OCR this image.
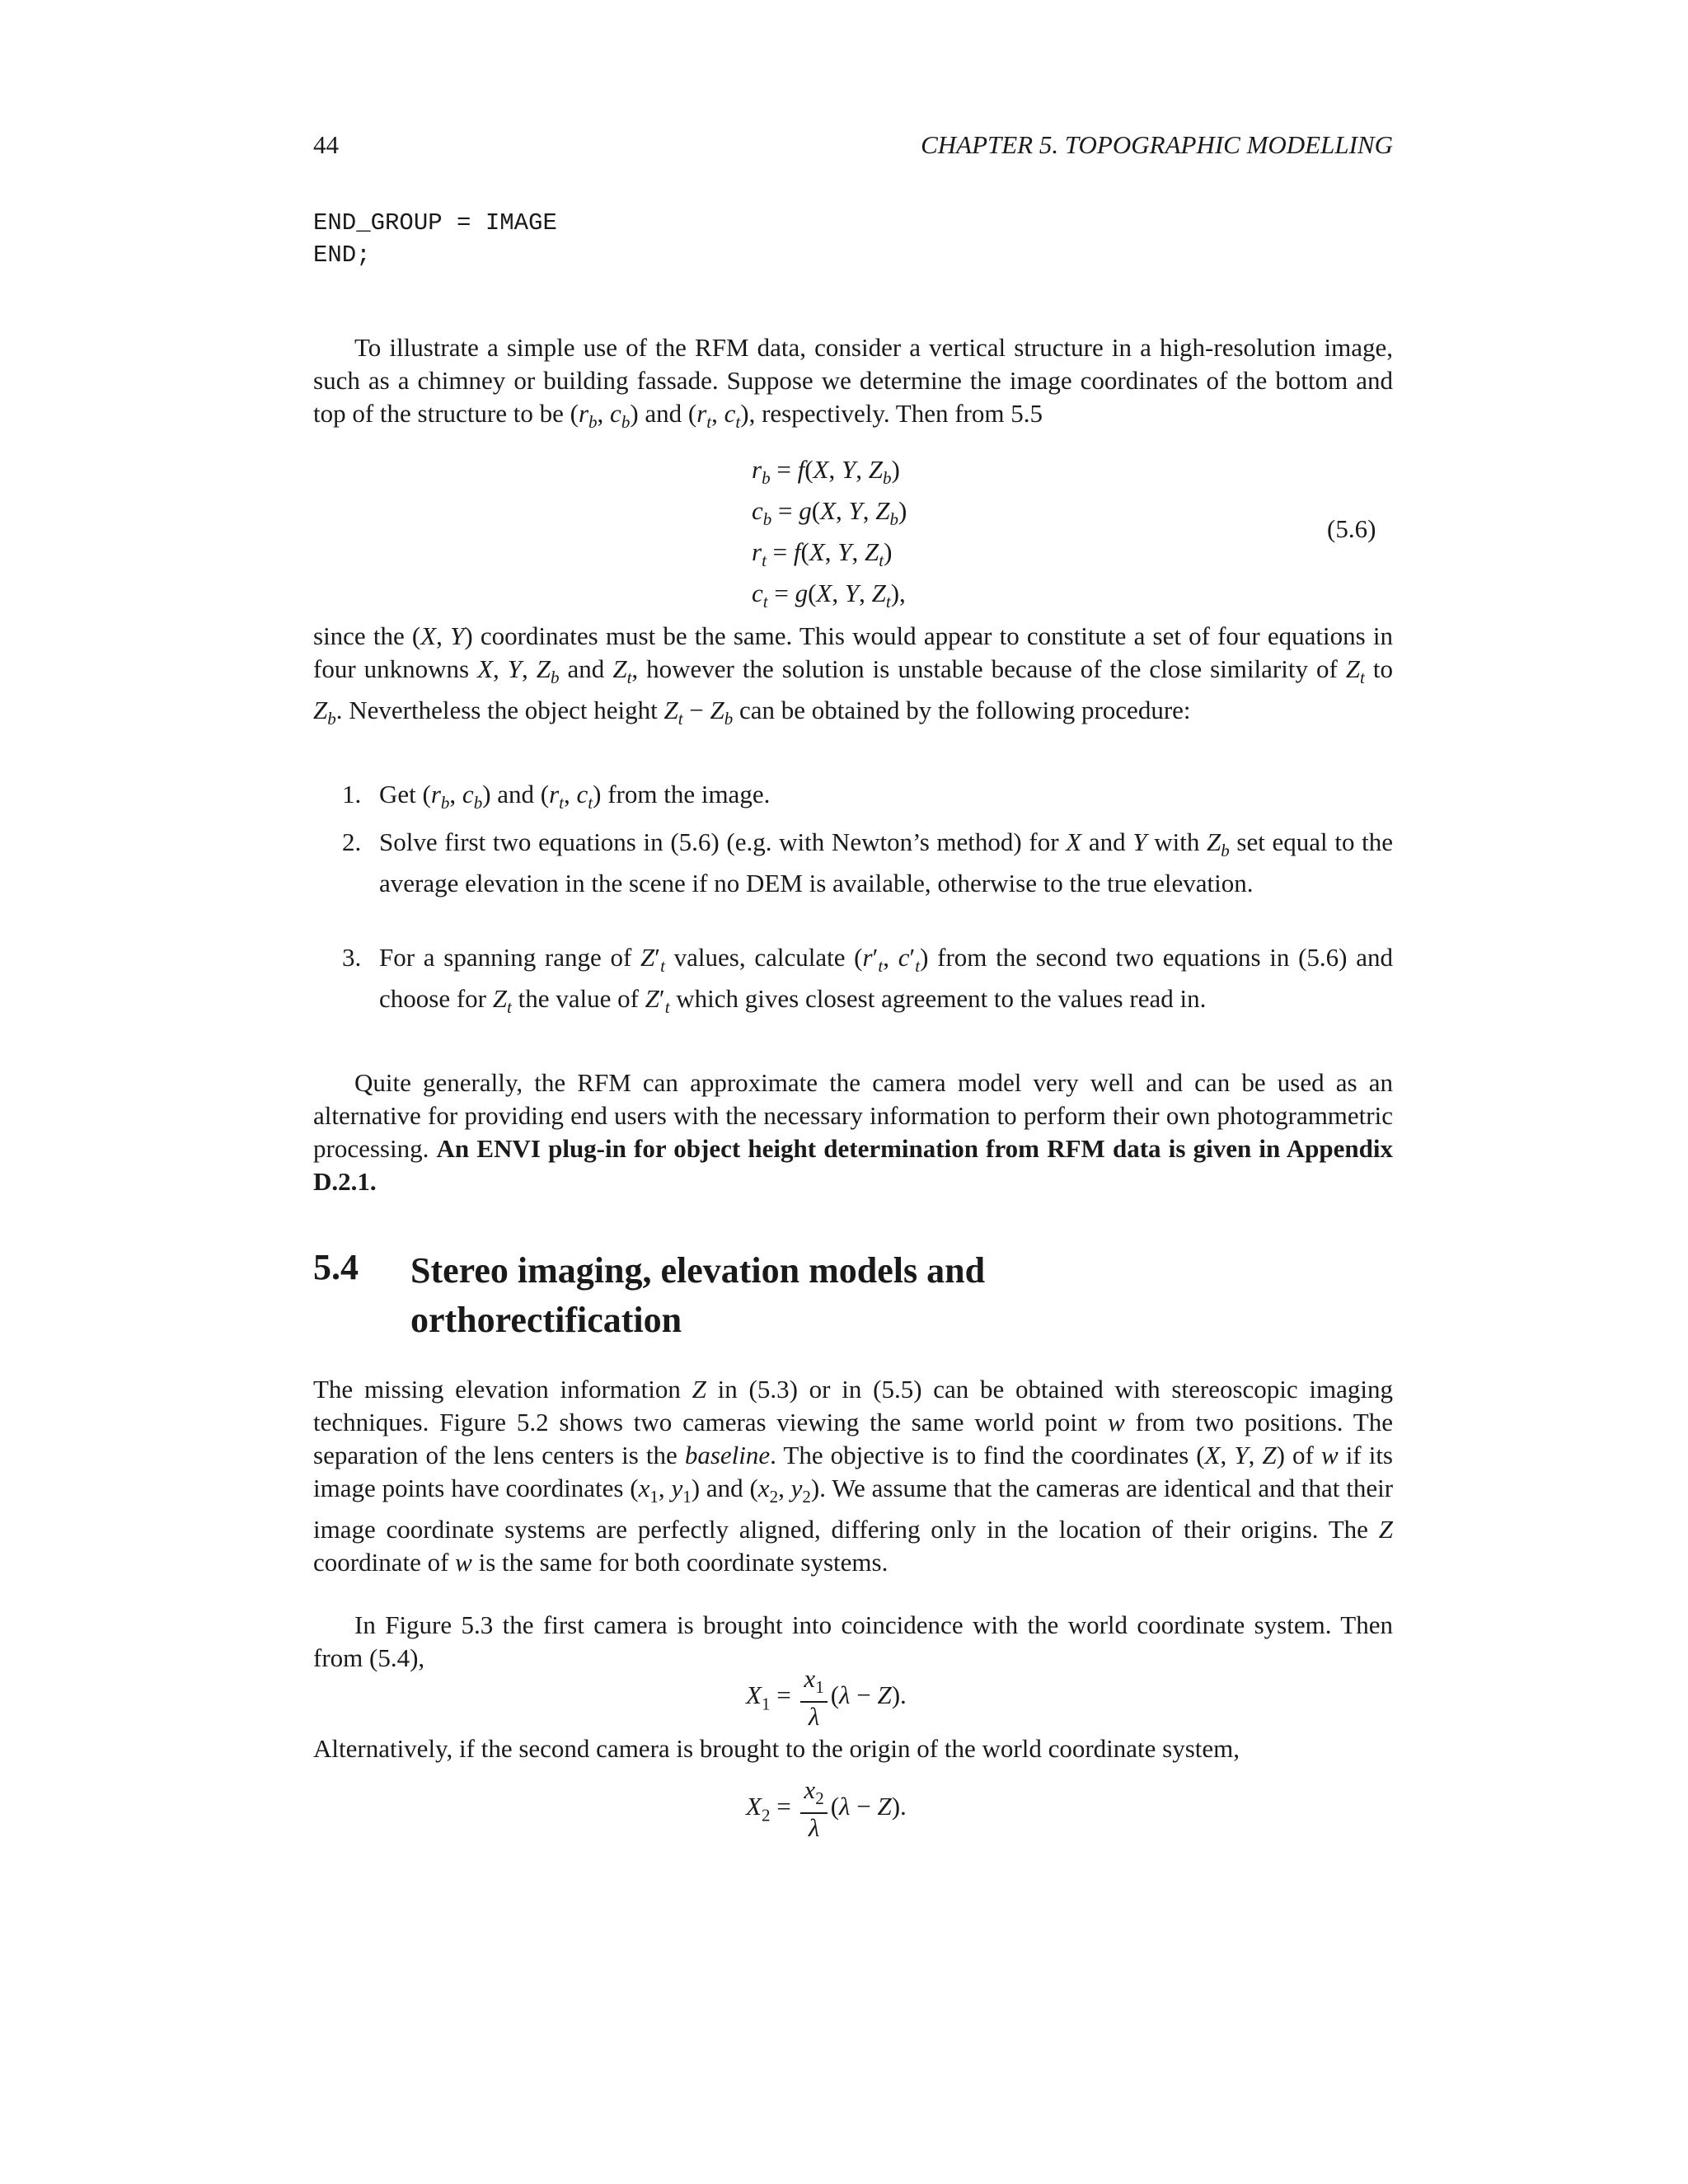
44	CHAPTER 5. TOPOGRAPHIC MODELLING
END_GROUP = IMAGE
END;
To illustrate a simple use of the RFM data, consider a vertical structure in a high-resolution image, such as a chimney or building fassade. Suppose we determine the image coordinates of the bottom and top of the structure to be ($r_b$, $c_b$) and ($r_t$, $c_t$), respectively. Then from 5.5
$r_b = f(X$, Y, $Z_b$)
$c_b = g(X$, Y, $Z_b$)
$r_t = f(X$, Y, $Z_t$)
$c_t = g(X$, Y, $Z_t$),
(5.6)
since the (X, Y) coordinates must be the same. This would appear to constitute a set of four equations in four unknowns X, Y, $Z_b$ and $Z_t$, however the solution is unstable because of the close similarity of $Z_t$ to $Z_b$. Nevertheless the object height $Z_t - Z_b$ can be obtained by the following procedure:
1. Get ($r_b$, $c_b$) and ($r_t$, $c_t$) from the image.
2. Solve first two equations in (5.6) (e.g. with Newton’s method) for X and Y with $Z_b$ set equal to the average elevation in the scene if no DEM is available, otherwise to the true elevation.
3. For a spanning range of $Z'_t$ values, calculate ($r'_t$, $c'_t$) from the second two equations in (5.6) and choose for $Z_t$ the value of $Z'_t$ which gives closest agreement to the values read in.
Quite generally, the RFM can approximate the camera model very well and can be used as an alternative for providing end users with the necessary information to perform their own photogrammetric processing. An ENVI plug-in for object height determination from RFM data is given in Appendix D.2.1.
5.4 Stereo imaging, elevation models and orthorectification
The missing elevation information Z in (5.3) or in (5.5) can be obtained with stereoscopic imaging techniques. Figure 5.2 shows two cameras viewing the same world point w from two positions. The separation of the lens centers is the baseline. The objective is to find the coordinates (X, Y, Z) of w if its image points have coordinates ($x_1$, $y_1$) and ($x_2$, $y_2$). We assume that the cameras are identical and that their image coordinate systems are perfectly aligned, differing only in the location of their origins. The Z coordinate of w is the same for both coordinate systems.
In Figure 5.3 the first camera is brought into coincidence with the world coordinate system. Then from (5.4),
$X_1 = \frac{x_1}{\lambda} (\lambda - Z)$.
Alternatively, if the second camera is brought to the origin of the world coordinate system,
$X_2 = \frac{x_2}{\lambda} (\lambda - Z)$.
